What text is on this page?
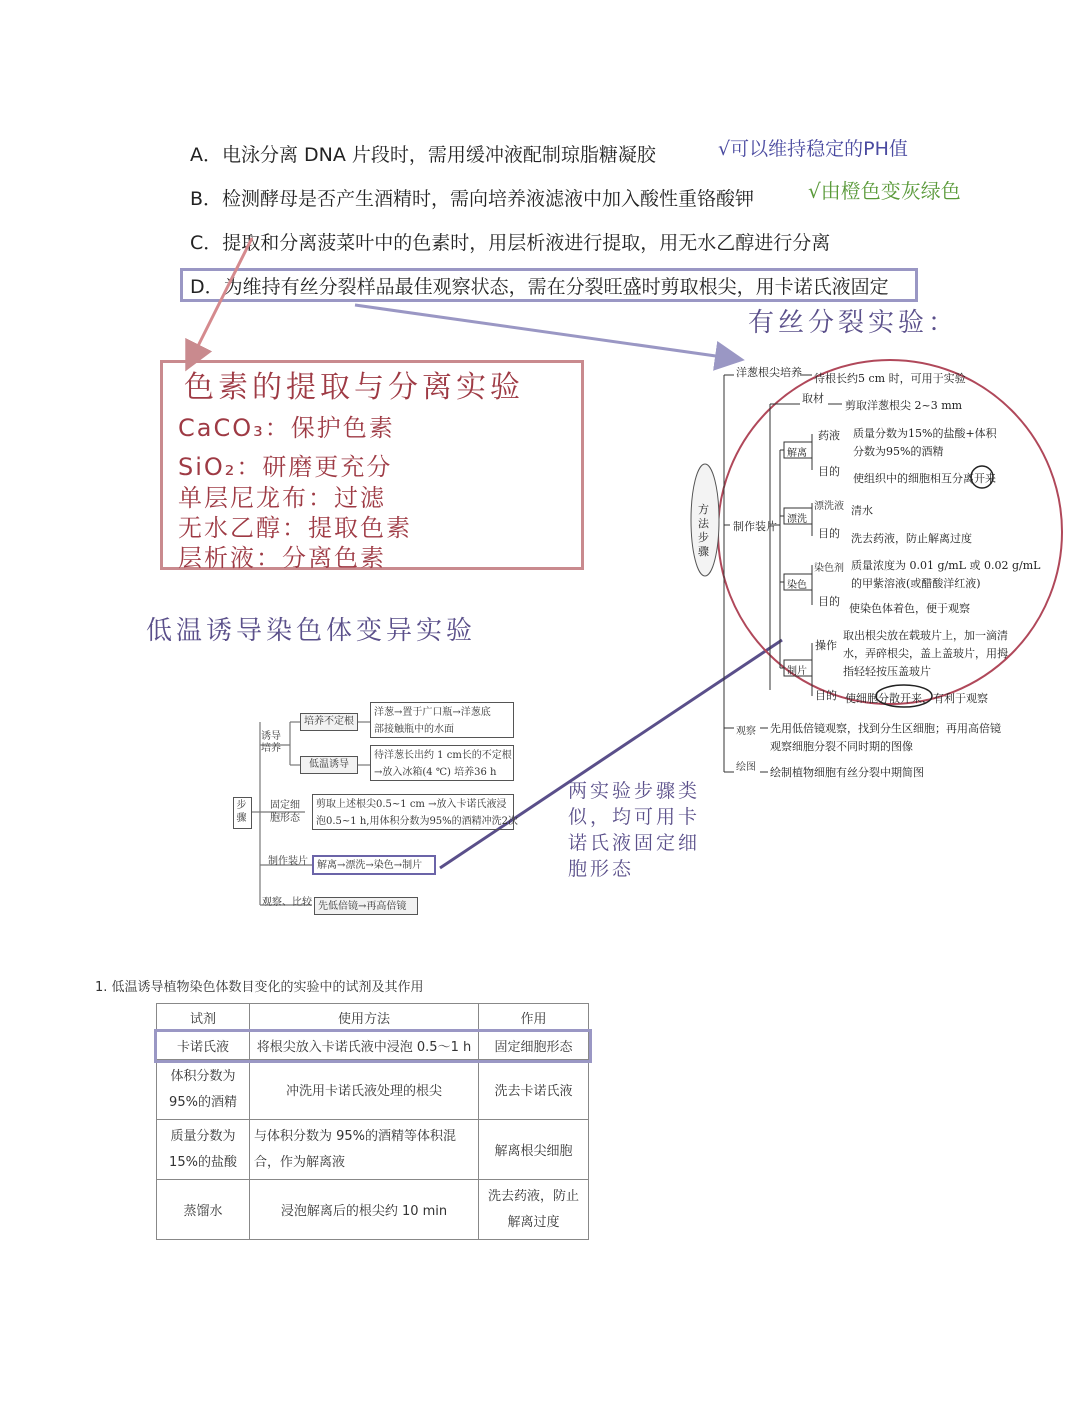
A．电泳分离 DNA 片段时，需用缓冲液配制琼脂糖凝胶
B．检测酵母是否产生酒精时，需向培养液滤液中加入酸性重铬酸钾
C．提取和分离菠菜叶中的色素时，用层析液进行提取，用无水乙醇进行分离
D．为维持有丝分裂样品最佳观察状态，需在分裂旺盛时剪取根尖，用卡诺氏液固定
√可以维持稳定的PH值
√由橙色变灰绿色
有丝分裂实验：
色素的提取与分离实验
CaCO₃：保护色素
SiO₂：研磨更充分
单层尼龙布：过滤
无水乙醇：提取色素
层析液：分离色素
低温诱导染色体变异实验
步骤
诱导培养
培养不定根
洋葱→置于广口瓶→洋葱底
部接触瓶中的水面
低温诱导
待洋葱长出约 1 cm长的不定根
→放入冰箱(4 ℃) 培养36 h
固定细胞形态
剪取上述根尖0.5~1 cm →放入卡诺氏液浸
泡0.5~1 h,用体积分数为95%的酒精冲洗2次
制作装片 解离→漂洗→染色→制片
观察、比较 先低倍镜→再高倍镜
两实验步骤类
似，均可用卡
诺氏液固定细
胞形态
方法步骤
洋葱根尖培养 待根长约5 cm 时，可用于实验
取材
剪取洋葱根尖 2~3 mm
制作装片
解离
药液 质量分数为15%的盐酸+体积
分数为95%的酒精
目的
使组织中的细胞相互分离开来
漂洗
漂洗液 清水
目的 洗去药液，防止解离过度
染色
染色剂 质量浓度为 0.01 g/mL 或 0.02 g/mL
的甲紫溶液(或醋酸洋红液)
目的
使染色体着色，便于观察
制片
操作
取出根尖放在载玻片上，加一滴清
水，弄碎根尖，盖上盖玻片，用拇
指轻轻按压盖玻片
目的 使细胞分散开来，有利于观察
观察 先用低倍镜观察，找到分生区细胞；再用高倍镜
观察细胞分裂不同时期的图像
绘图 绘制植物细胞有丝分裂中期简图
1. 低温诱导植物染色体数目变化的实验中的试剂及其作用
试剂	使用方法	作用
卡诺氏液	将根尖放入卡诺氏液中浸泡 0.5～1 h	固定细胞形态
体积分数为95%的酒精	冲洗用卡诺氏液处理的根尖	洗去卡诺氏液
质量分数为15%的盐酸	与体积分数为 95%的酒精等体积混合，作为解离液	解离根尖细胞
蒸馏水	浸泡解离后的根尖约 10 min	洗去药液，防止解离过度
